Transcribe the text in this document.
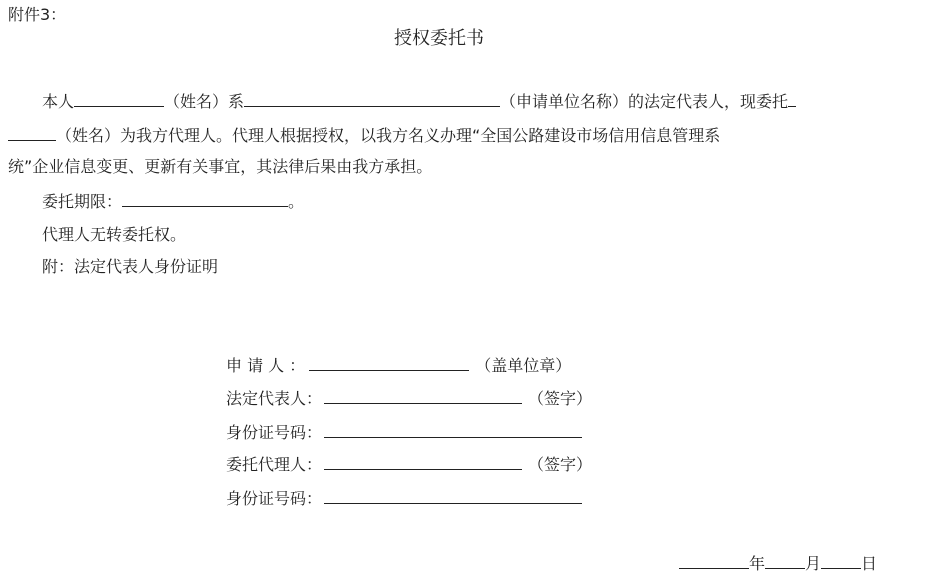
附件3：
授权委托书
本人	（姓名）系	（申请单位名称）的法定代表人，现委托
（姓名）为我方代理人。代理人根据授权，以我方名义办理“全国公路建设市场信用信息管理系
统”企业信息变更、更新有关事宜，其法律后果由我方承担。
委托期限：	。
代理人无转委托权。
附：法定代表人身份证明
申 请 人 ：	（盖单位章）
法定代表人：	（签字）
身份证号码：
委托代理人：	（签字）
身份证号码：
年	月	日
